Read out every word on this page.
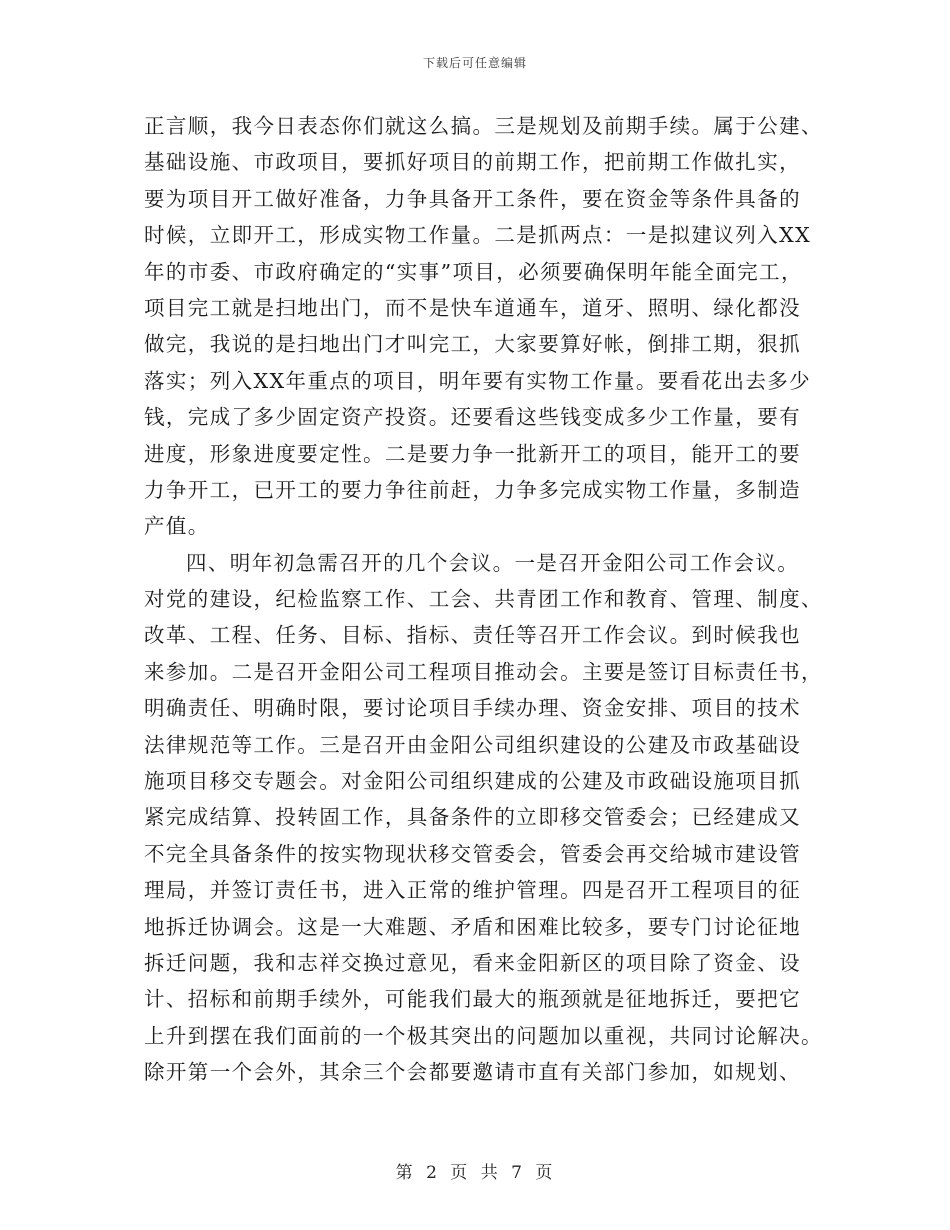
下载后可任意编辑
正言顺，我今日表态你们就这么搞。三是规划及前期手续。属于公建、
基础设施、市政项目，要抓好项目的前期工作，把前期工作做扎实，
要为项目开工做好准备，力争具备开工条件，要在资金等条件具备的
时候，立即开工，形成实物工作量。二是抓两点：一是拟建议列入XX
年的市委、市政府确定的“实事”项目，必须要确保明年能全面完工，
项目完工就是扫地出门，而不是快车道通车，道牙、照明、绿化都没
做完，我说的是扫地出门才叫完工，大家要算好帐，倒排工期，狠抓
落实；列入XX年重点的项目，明年要有实物工作量。要看花出去多少
钱，完成了多少固定资产投资。还要看这些钱变成多少工作量，要有
进度，形象进度要定性。二是要力争一批新开工的项目，能开工的要
力争开工，已开工的要力争往前赶，力争多完成实物工作量，多制造
产值。
四、明年初急需召开的几个会议。一是召开金阳公司工作会议。
对党的建设，纪检监察工作、工会、共青团工作和教育、管理、制度、
改革、工程、任务、目标、指标、责任等召开工作会议。到时候我也
来参加。二是召开金阳公司工程项目推动会。主要是签订目标责任书，
明确责任、明确时限，要讨论项目手续办理、资金安排、项目的技术
法律规范等工作。三是召开由金阳公司组织建设的公建及市政基础设
施项目移交专题会。对金阳公司组织建成的公建及市政础设施项目抓
紧完成结算、投转固工作，具备条件的立即移交管委会；已经建成又
不完全具备条件的按实物现状移交管委会，管委会再交给城市建设管
理局，并签订责任书，进入正常的维护管理。四是召开工程项目的征
地拆迁协调会。这是一大难题、矛盾和困难比较多，要专门讨论征地
拆迁问题，我和志祥交换过意见，看来金阳新区的项目除了资金、设
计、招标和前期手续外，可能我们最大的瓶颈就是征地拆迁，要把它
上升到摆在我们面前的一个极其突出的问题加以重视，共同讨论解决。
除开第一个会外，其余三个会都要邀请市直有关部门参加，如规划、
第 2 页 共 7 页
